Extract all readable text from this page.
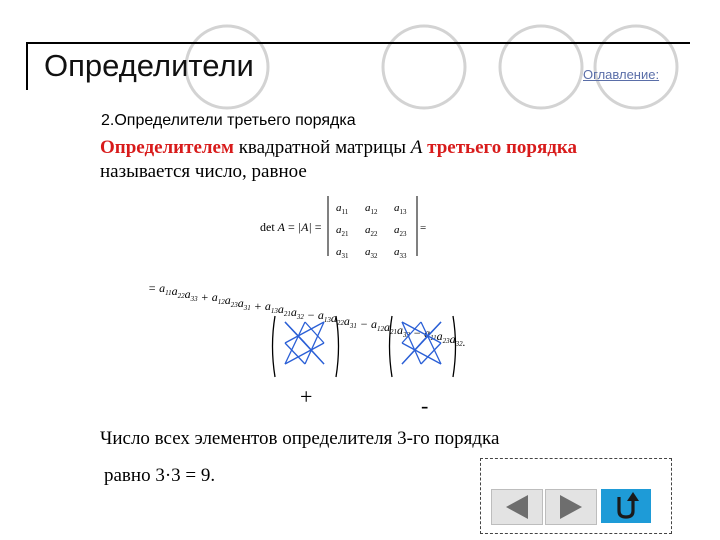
Определители	Оглавление:
2.Определители третьего порядка
Определителем квадратной матрицы A третьего порядка
называется число, равное
det A = |A| =	=
$a_{11}$ $a_{12}$ $a_{13}$
$a_{21}$ $a_{22}$ $a_{23}$
$a_{31}$ $a_{32}$ $a_{33}$
= $a_{11}a_{22}a_{33} + a_{12}a_{23}a_{31} + a_{13}a_{21}a_{32} - a_{13}a_{22}a_{31} - a_{12}a_{21}a_{33} - a_{11}a_{23}a_{32}$.
+	-
Число всех элементов определителя 3-го порядка
равно 3·3 = 9.
